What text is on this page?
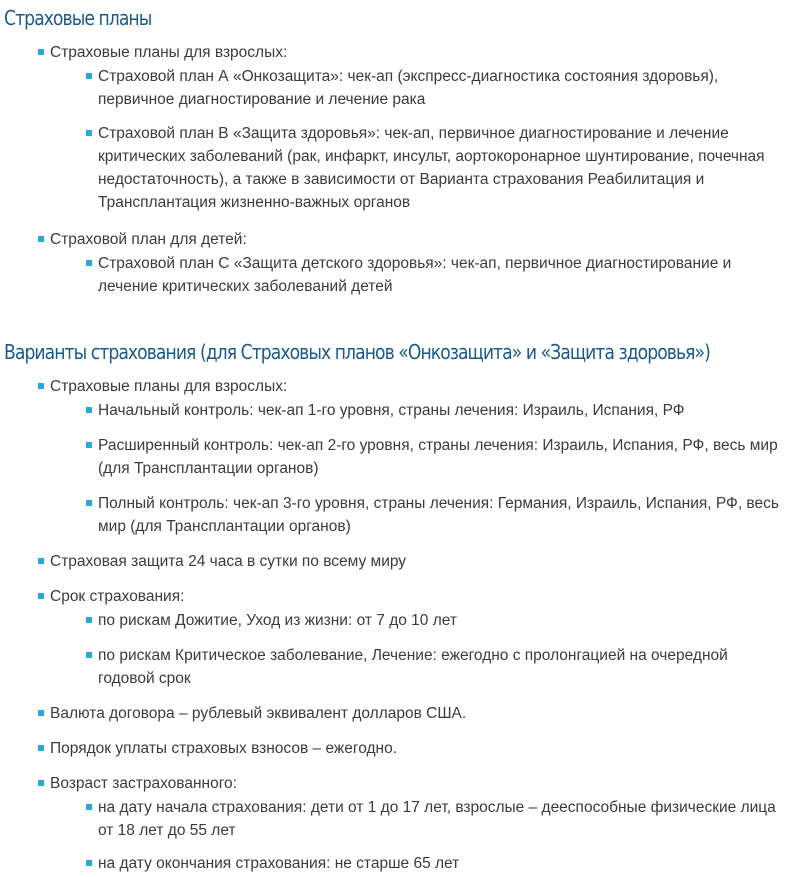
Страховые планы
Страховые планы для взрослых:
Страховой план А «Онкозащита»: чек-ап (экспресс-диагностика состояния здоровья), первичное диагностирование и лечение рака
Страховой план В «Защита здоровья»: чек-ап, первичное диагностирование и лечение критических заболеваний (рак, инфаркт, инсульт, аортокоронарное шунтирование, почечная недостаточность), а также в зависимости от Варианта страхования Реабилитация и Трансплантация жизненно-важных органов
Страховой план для детей:
Страховой план С «Защита детского здоровья»: чек-ап, первичное диагностирование и лечение критических заболеваний детей
Варианты страхования (для Страховых планов «Онкозащита» и «Защита здоровья»)
Страховые планы для взрослых:
Начальный контроль: чек-ап 1-го уровня, страны лечения: Израиль, Испания, РФ
Расширенный контроль: чек-ап 2-го уровня, страны лечения: Израиль, Испания, РФ, весь мир (для Трансплантации органов)
Полный контроль: чек-ап 3-го уровня, страны лечения: Германия, Израиль, Испания, РФ, весь мир (для Трансплантации органов)
Страховая защита 24 часа в сутки по всему миру
Срок страхования:
по рискам Дожитие, Уход из жизни: от 7 до 10 лет
по рискам Критическое заболевание, Лечение: ежегодно с пролонгацией на очередной годовой срок
Валюта договора – рублевый эквивалент долларов США.
Порядок уплаты страховых взносов – ежегодно.
Возраст застрахованного:
на дату начала страхования: дети от 1 до 17 лет, взрослые – дееспособные физические лица от 18 лет до 55 лет
на дату окончания страхования: не старше 65 лет
